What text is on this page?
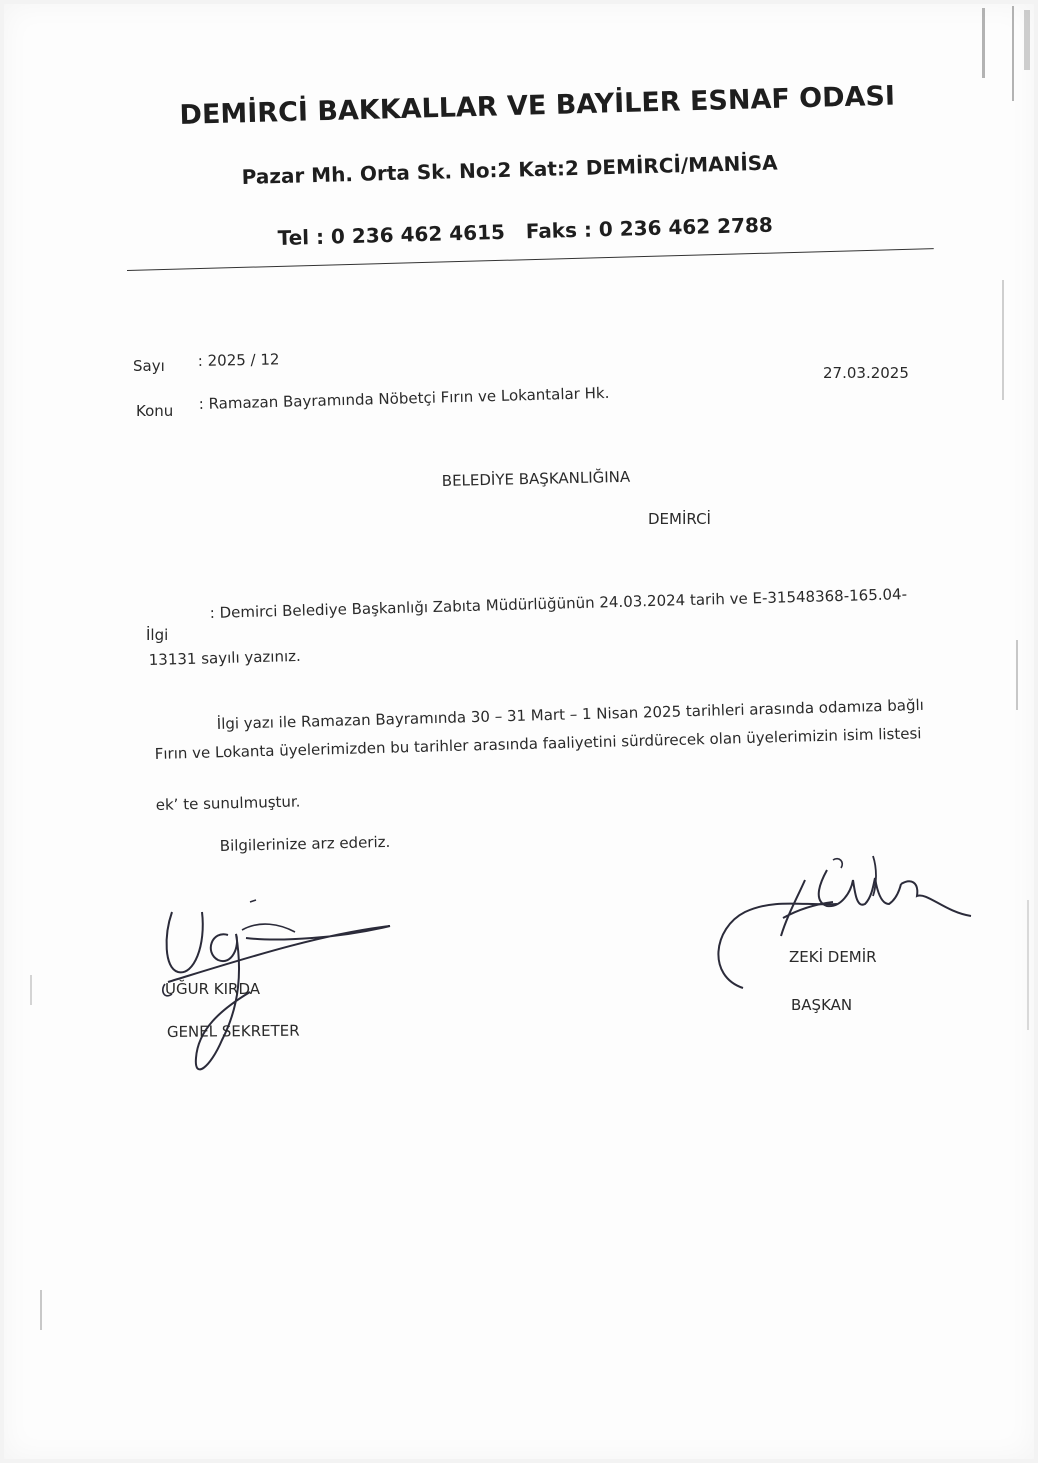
DEMİRCİ BAKKALLAR VE BAYİLER ESNAF ODASI
Pazar Mh. Orta Sk. No:2 Kat:2 DEMİRCİ/MANİSA
Tel : 0 236 462 4615   Faks : 0 236 462 2788
Sayı : 2025 / 12
Konu : Ramazan Bayramında Nöbetçi Fırın ve Lokantalar Hk.
27.03.2025
BELEDİYE BAŞKANLIĞINA
DEMİRCİ
İlgi
: Demirci Belediye Başkanlığı Zabıta Müdürlüğünün 24.03.2024 tarih ve E-31548368-165.04-
13131 sayılı yazınız.
İlgi yazı ile Ramazan Bayramında 30 – 31 Mart – 1 Nisan 2025 tarihleri arasında odamıza bağlı
Fırın ve Lokanta üyelerimizden bu tarihler arasında faaliyetini sürdürecek olan üyelerimizin isim listesi
ek’ te sunulmuştur.
Bilgilerinize arz ederiz.
UĞUR KIRDA
GENEL SEKRETER
ZEKİ DEMİR
BAŞKAN
